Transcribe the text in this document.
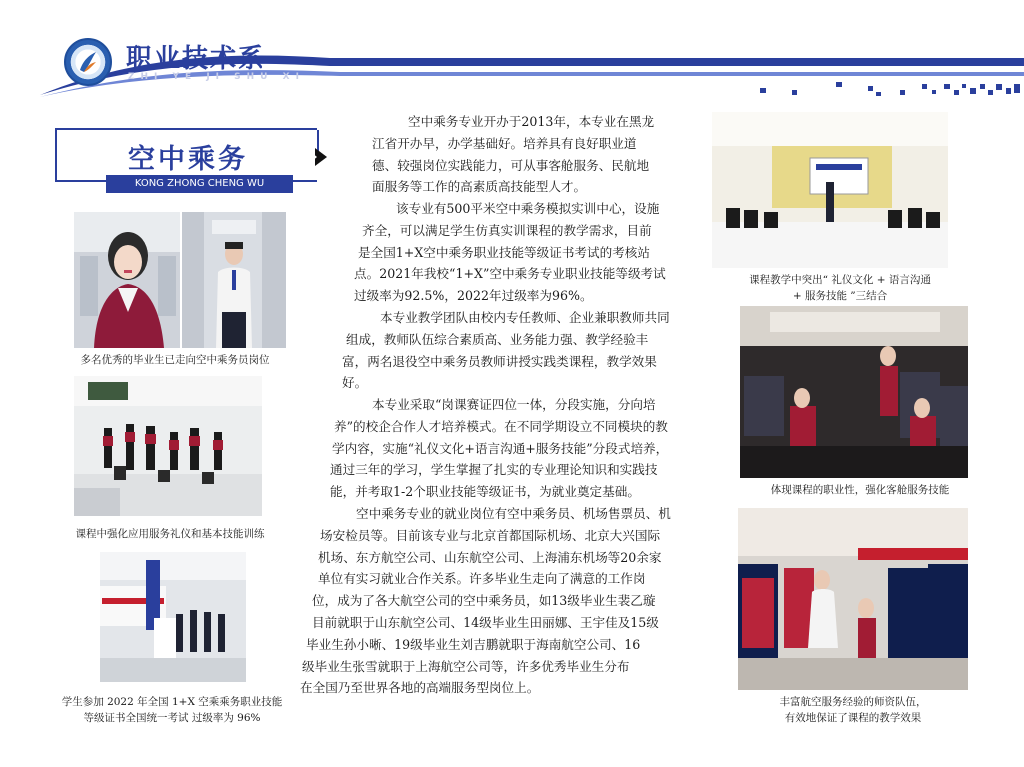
职业技术系
ZHI YE JI SHU XI
空中乘务
KONG ZHONG CHENG WU
多名优秀的毕业生已走向空中乘务员岗位
课程中强化应用服务礼仪和基本技能训练
学生参加 2022 年全国 1+X 空乘乘务职业技能
等级证书全国统一考试 过级率为 96%
空中乘务专业开办于2013年，本专业在黑龙
江省开办早，办学基础好。培养具有良好职业道
德、较强岗位实践能力，可从事客舱服务、民航地
面服务等工作的高素质高技能型人才。
该专业有500平米空中乘务模拟实训中心，设施
齐全，可以满足学生仿真实训课程的教学需求，目前
是全国1+X空中乘务职业技能等级证书考试的考核站
点。2021年我校“1+X”空中乘务专业职业技能等级考试
过级率为92.5%，2022年过级率为96%。
本专业教学团队由校内专任教师、企业兼职教师共同
组成，教师队伍综合素质高、业务能力强、教学经验丰
富，两名退役空中乘务员教师讲授实践类课程，教学效果
好。
本专业采取“岗课赛证四位一体，分段实施，分向培
养”的校企合作人才培养模式。在不同学期设立不同模块的教
学内容，实施“礼仪文化+语言沟通+服务技能”分段式培养，
通过三年的学习，学生掌握了扎实的专业理论知识和实践技
能，并考取1-2个职业技能等级证书，为就业奠定基础。
空中乘务专业的就业岗位有空中乘务员、机场售票员、机
场安检员等。目前该专业与北京首都国际机场、北京大兴国际
机场、东方航空公司、山东航空公司、上海浦东机场等20余家
单位有实习就业合作关系。许多毕业生走向了满意的工作岗
位，成为了各大航空公司的空中乘务员，如13级毕业生裴乙璇
目前就职于山东航空公司、14级毕业生田丽娜、王宇佳及15级
毕业生孙小晰、19级毕业生刘吉鹏就职于海南航空公司、16
级毕业生张雪就职于上海航空公司等，许多优秀毕业生分布
在全国乃至世界各地的高端服务型岗位上。
课程教学中突出“ 礼仪文化 + 语言沟通
+ 服务技能 ”三结合
体现课程的职业性，强化客舱服务技能
丰富航空服务经验的师资队伍，
有效地保证了课程的教学效果
